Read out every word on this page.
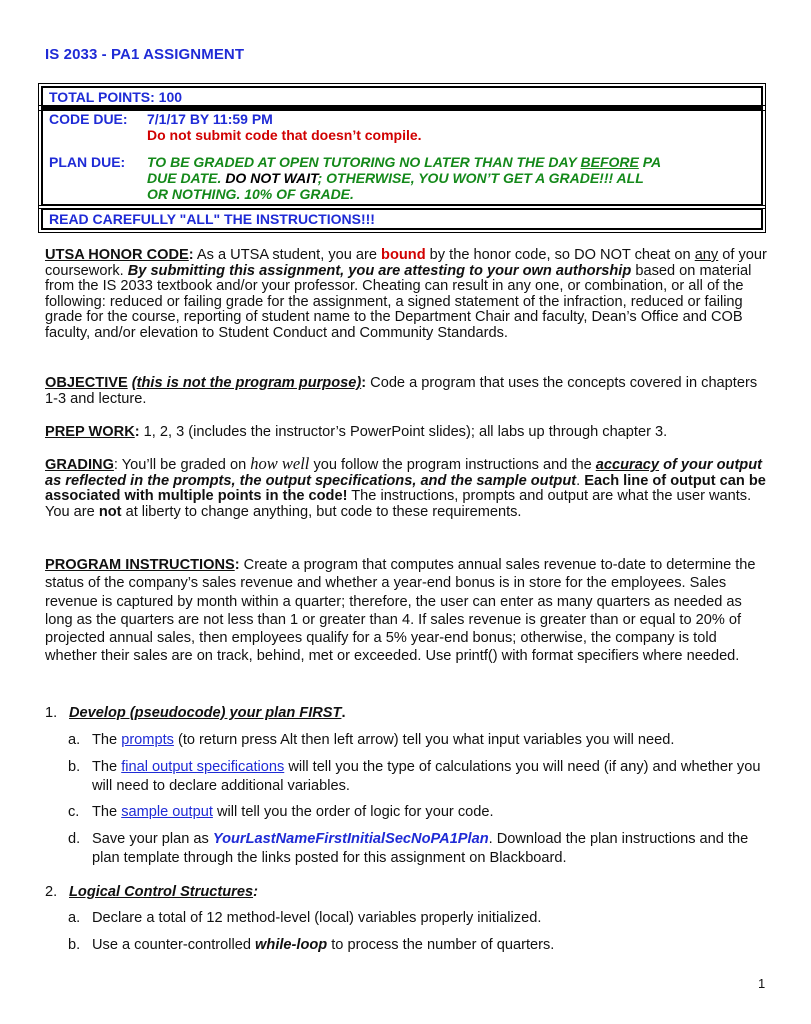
IS 2033 - PA1 ASSIGNMENT
TOTAL POINTS: 100
CODE DUE:	7/1/17 BY 11:59 PM
Do not submit code that doesn’t compile.
PLAN DUE:	TO BE GRADED AT OPEN TUTORING NO LATER THAN THE DAY BEFORE PA
DUE DATE. DO NOT WAIT; OTHERWISE, YOU WON’T GET A GRADE!!! ALL
OR NOTHING. 10% OF GRADE.
READ CAREFULLY "ALL" THE INSTRUCTIONS!!!
UTSA HONOR CODE: As a UTSA student, you are bound by the honor code, so DO NOT cheat on any of your coursework. By submitting this assignment, you are attesting to your own authorship based on material from the IS 2033 textbook and/or your professor. Cheating can result in any one, or combination, or all of the following: reduced or failing grade for the assignment, a signed statement of the infraction, reduced or failing grade for the course, reporting of student name to the Department Chair and faculty, Dean’s Office and COB faculty, and/or elevation to Student Conduct and Community Standards.
OBJECTIVE (this is not the program purpose): Code a program that uses the concepts covered in chapters 1-3 and lecture.
PREP WORK: 1, 2, 3 (includes the instructor’s PowerPoint slides); all labs up through chapter 3.
GRADING: You’ll be graded on how well you follow the program instructions and the accuracy of your output as reflected in the prompts, the output specifications, and the sample output. Each line of output can be associated with multiple points in the code! The instructions, prompts and output are what the user wants. You are not at liberty to change anything, but code to these requirements.
PROGRAM INSTRUCTIONS: Create a program that computes annual sales revenue to-date to determine the status of the company’s sales revenue and whether a year-end bonus is in store for the employees. Sales revenue is captured by month within a quarter; therefore, the user can enter as many quarters as needed as long as the quarters are not less than 1 or greater than 4. If sales revenue is greater than or equal to 20% of projected annual sales, then employees qualify for a 5% year-end bonus; otherwise, the company is told whether their sales are on track, behind, met or exceeded. Use printf() with format specifiers where needed.
1. Develop (pseudocode) your plan FIRST.
a. The prompts (to return press Alt then left arrow) tell you what input variables you will need.
b. The final output specifications will tell you the type of calculations you will need (if any) and whether you will need to declare additional variables.
c. The sample output will tell you the order of logic for your code.
d. Save your plan as YourLastNameFirstInitialSecNoPA1Plan. Download the plan instructions and the plan template through the links posted for this assignment on Blackboard.
2. Logical Control Structures:
a. Declare a total of 12 method-level (local) variables properly initialized.
b. Use a counter-controlled while-loop to process the number of quarters.
1
